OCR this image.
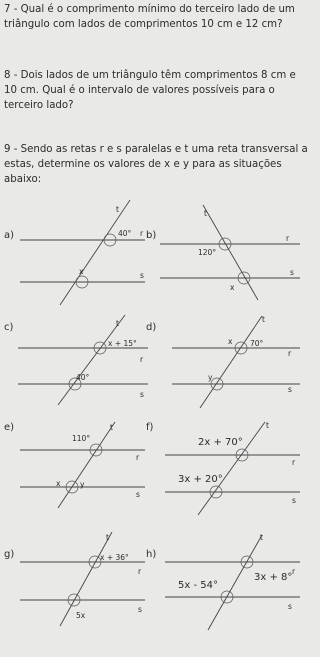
7 - Qual é o comprimento mínimo do terceiro lado de um triângulo com lados de comprimentos 10 cm e 12 cm?

8 - Dois lados de um triângulo têm comprimentos 8 cm e 10 cm. Qual é o intervalo de valores possíveis para o terceiro lado?

9 - Sendo as retas r e s paralelas e t uma reta transversal a estas, determine os valores de x e y para as situações abaixo:

a)
t
r
s
40°
x
b)
t
r
s
120°
x
c)	t
r
s
x + 15°
40°
d)
t
r
s
x 70°
y
e)	t
r
s
110°
x	y
f)	t
r
s
2x + 70°
3x + 20°
g)
t
r
s
x + 36°
5x
h)
t
r
s
3x + 8°
5x - 54°
